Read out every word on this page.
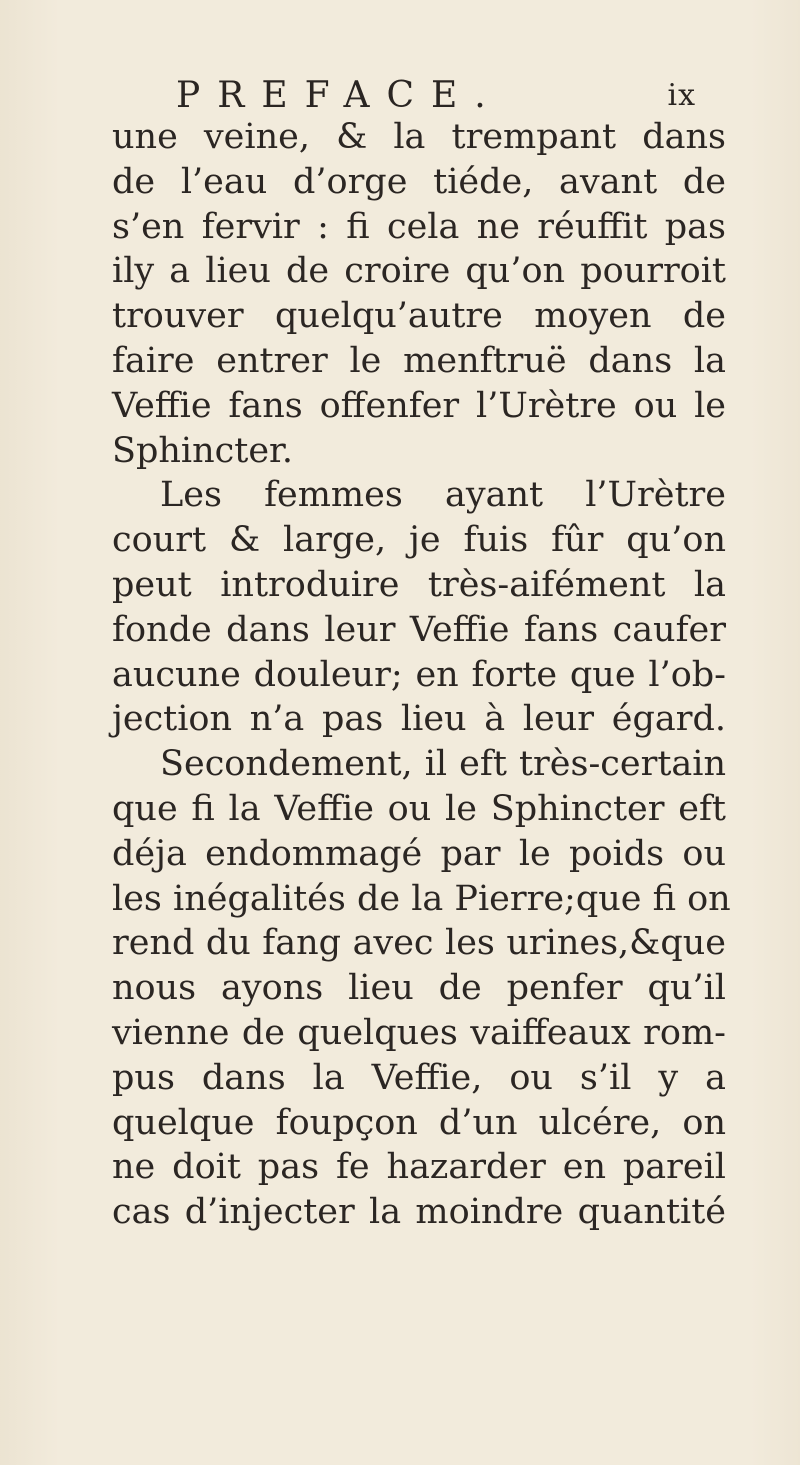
PREFACE.	ix
une veine, & la trempant dans
de l’eau d’orge tiéde, avant de
s’en fervir : fi cela ne réuffit pas
ily a lieu de croire qu’on pourroit
trouver quelqu’autre moyen de
faire entrer le menftruë dans la
Veffie fans offenfer l’Urètre ou le
Sphincter.
Les femmes ayant l’Urètre
court & large, je fuis fûr qu’on
peut introduire très-aifément la
fonde dans leur Veffie fans caufer
aucune douleur; en forte que l’ob-
jection n’a pas lieu à leur égard.
Secondement, il eft très-certain
que fi la Veffie ou le Sphincter eft
déja endommagé par le poids ou
les inégalités de la Pierre;que fi on
rend du fang avec les urines,&que
nous ayons lieu de penfer qu’il
vienne de quelques vaiffeaux rom-
pus dans la Veffie, ou s’il y a
quelque foupçon d’un ulcére, on
ne doit pas fe hazarder en pareil
cas d’injecter la moindre quantité
